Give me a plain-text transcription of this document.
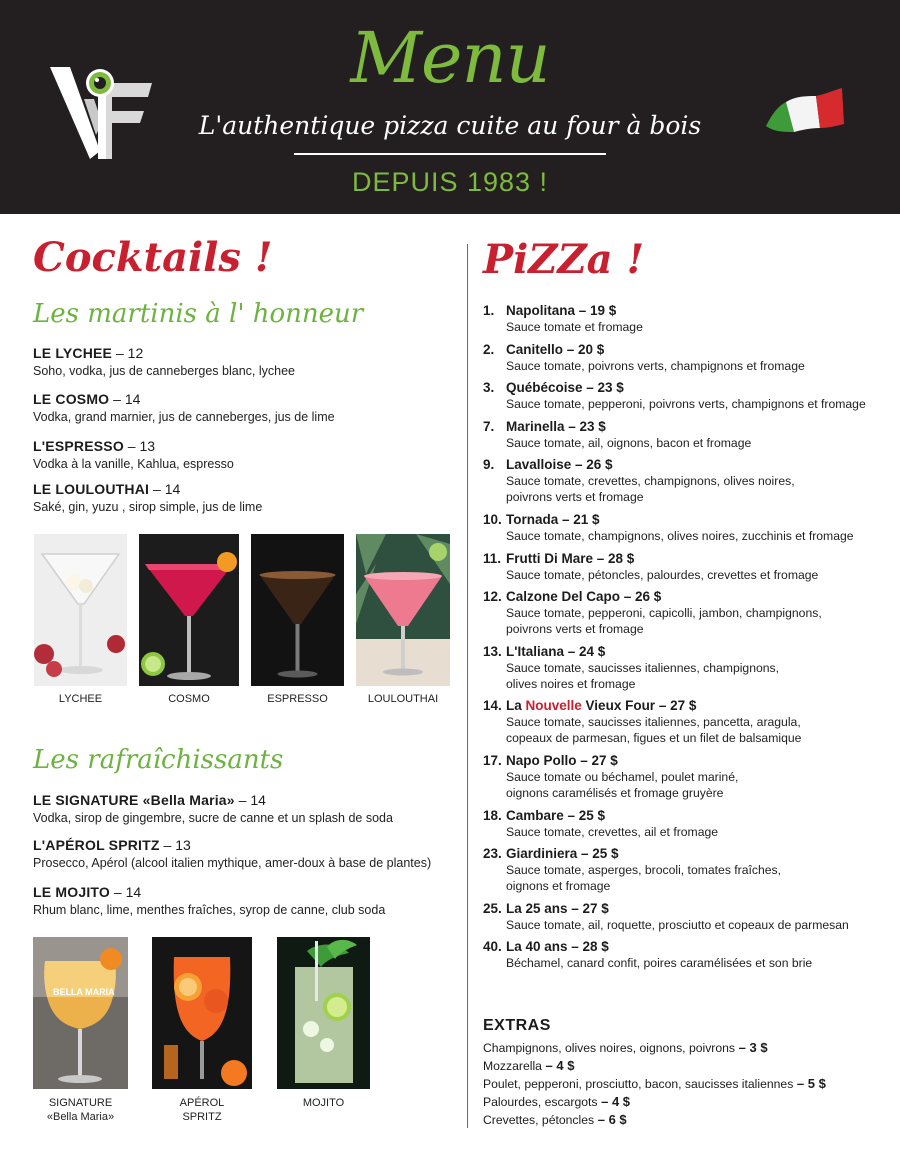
Menu
L'authentique pizza cuite au four à bois
DEPUIS 1983 !
Cocktails !
Les martinis à l' honneur
LE LYCHEE – 12
Soho, vodka, jus de canneberges blanc, lychee
LE COSMO – 14
Vodka, grand marnier, jus de canneberges, jus de lime
L'ESPRESSO – 13
Vodka à la vanille, Kahlua, espresso
LE LOULOUTHAI – 14
Saké, gin, yuzu , sirop simple, jus de lime
LYCHEE	COSMO	ESPRESSO	LOULOUTHAI
Les rafraîchissants
LE SIGNATURE «Bella Maria» – 14
Vodka, sirop de gingembre, sucre de canne et un splash de soda
L'APÉROL SPRITZ – 13
Prosecco, Apérol (alcool italien mythique, amer-doux à base de plantes)
LE MOJITO – 14
Rhum blanc, lime, menthes fraîches, syrop de canne, club soda
BELLA MARIA
SIGNATURE
«Bella Maria»
APÉROL
SPRITZ
MOJITO
PiZZa !
1. Napolitana – 19 $
Sauce tomate et fromage
2. Canitello – 20 $
Sauce tomate, poivrons verts, champignons et fromage
3. Québécoise – 23 $
Sauce tomate, pepperoni, poivrons verts, champignons et fromage
7. Marinella – 23 $
Sauce tomate, ail, oignons, bacon et fromage
9. Lavalloise – 26 $
Sauce tomate, crevettes, champignons, olives noires,
poivrons verts et fromage
10. Tornada – 21 $
Sauce tomate, champignons, olives noires, zucchinis et fromage
11. Frutti Di Mare – 28 $
Sauce tomate, pétoncles, palourdes, crevettes et fromage
12. Calzone Del Capo – 26 $
Sauce tomate, pepperoni, capicolli, jambon, champignons,
poivrons verts et fromage
13. L'Italiana – 24 $
Sauce tomate, saucisses italiennes, champignons,
olives noires et fromage
14. La Nouvelle Vieux Four – 27 $
Sauce tomate, saucisses italiennes, pancetta, aragula,
copeaux de parmesan, figues et un filet de balsamique
17. Napo Pollo – 27 $
Sauce tomate ou béchamel, poulet mariné,
oignons caramélisés et fromage gruyère
18. Cambare – 25 $
Sauce tomate, crevettes, ail et fromage
23. Giardiniera – 25 $
Sauce tomate, asperges, brocoli, tomates fraîches,
oignons et fromage
25. La 25 ans – 27 $
Sauce tomate, ail, roquette, prosciutto et copeaux de parmesan
40. La 40 ans – 28 $
Béchamel, canard confit, poires caramélisées et son brie
EXTRAS
Champignons, olives noires, oignons, poivrons – 3 $
Mozzarella – 4 $
Poulet, pepperoni, prosciutto, bacon, saucisses italiennes – 5 $
Palourdes, escargots – 4 $
Crevettes, pétoncles – 6 $
